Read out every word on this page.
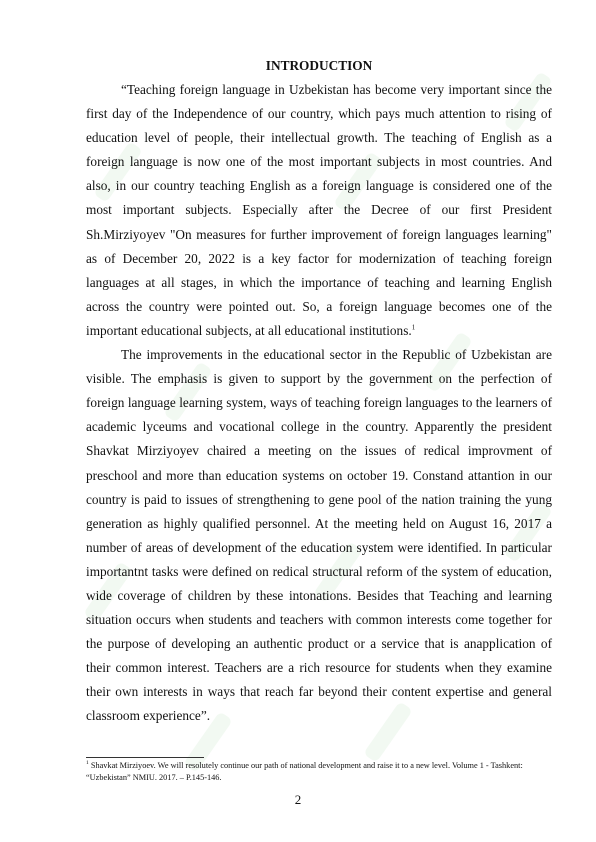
INTRODUCTION

“Teaching foreign language in Uzbekistan has become very important since the first day of the Independence of our country, which pays much attention to rising of education level of people, their intellectual growth. The teaching of English as a foreign language is now one of the most important subjects in most countries. And also, in our country teaching English as a foreign language is considered one of the most important subjects. Especially after the Decree of our first President Sh.Mirziyoyev "On measures for further improvement of foreign languages learning" as of December 20, 2022 is a key factor for modernization of teaching foreign languages at all stages, in which the importance of teaching and learning English across the country were pointed out. So, a foreign language becomes one of the important educational subjects, at all educational institutions.$^1$

The improvements in the educational sector in the Republic of Uzbekistan are visible. The emphasis is given to support by the government on the perfection of foreign language learning system, ways of teaching foreign languages to the learners of academic lyceums and vocational college in the country. Apparently the president Shavkat Mirziyoyev chaired a meeting on the issues of redical improvment of preschool and more than education systems on october 19. Constand attantion in our country is paid to issues of strengthening to gene pool of the nation training the yung generation as highly qualified personnel. At the meeting held on August 16, 2017 a number of areas of development of the education system were identified. In particular importantnt tasks were defined on redical structural reform of the system of education, wide coverage of children by these intonations. Besides that Teaching and learning situation occurs when students and teachers with common interests come together for the purpose of developing an authentic product or a service that is anapplication of their common interest. Teachers are a rich resource for students when they examine their own interests in ways that reach far beyond their content expertise and general classroom experience”.

$^1$ Shavkat Mirziyoev. We will resolutely continue our path of national development and raise it to a new level. Volume 1 - Tashkent: “Uzbekistan” NMIU. 2017. – P.145-146.
2
